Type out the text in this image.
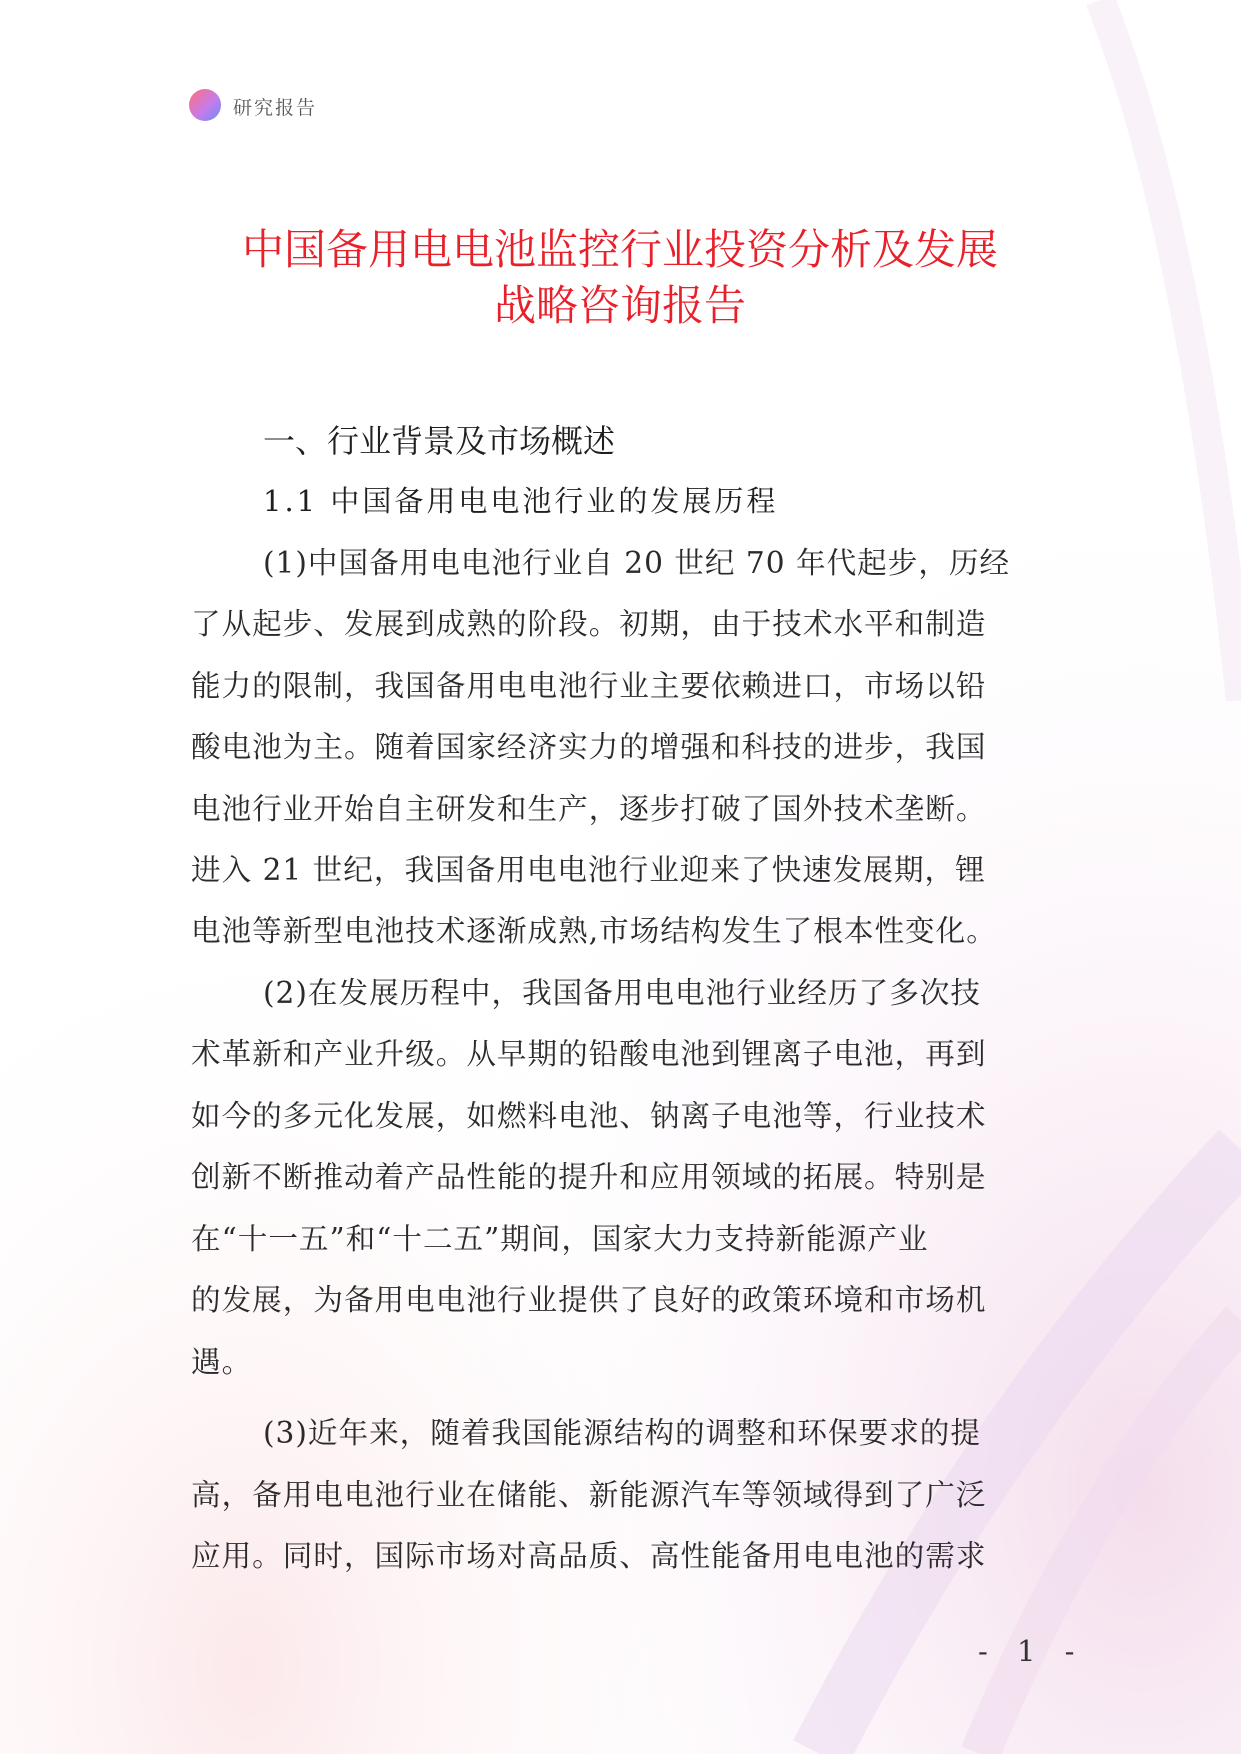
研究报告
中国备用电电池监控行业投资分析及发展
战略咨询报告
一、行业背景及市场概述
1.1 中国备用电电池行业的发展历程
(1)中国备用电电池行业自 20 世纪 70 年代起步，历经
了从起步、发展到成熟的阶段。初期，由于技术水平和制造
能力的限制，我国备用电电池行业主要依赖进口，市场以铅
酸电池为主。随着国家经济实力的增强和科技的进步，我国
电池行业开始自主研发和生产，逐步打破了国外技术垄断。
进入 21 世纪，我国备用电电池行业迎来了快速发展期，锂
电池等新型电池技术逐渐成熟,市场结构发生了根本性变化。
(2)在发展历程中，我国备用电电池行业经历了多次技
术革新和产业升级。从早期的铅酸电池到锂离子电池，再到
如今的多元化发展，如燃料电池、钠离子电池等，行业技术
创新不断推动着产品性能的提升和应用领域的拓展。特别是
在“十一五”和“十二五”期间，国家大力支持新能源产业
的发展，为备用电电池行业提供了良好的政策环境和市场机
遇。
(3)近年来，随着我国能源结构的调整和环保要求的提
高，备用电电池行业在储能、新能源汽车等领域得到了广泛
应用。同时，国际市场对高品质、高性能备用电电池的需求
- 1 -
